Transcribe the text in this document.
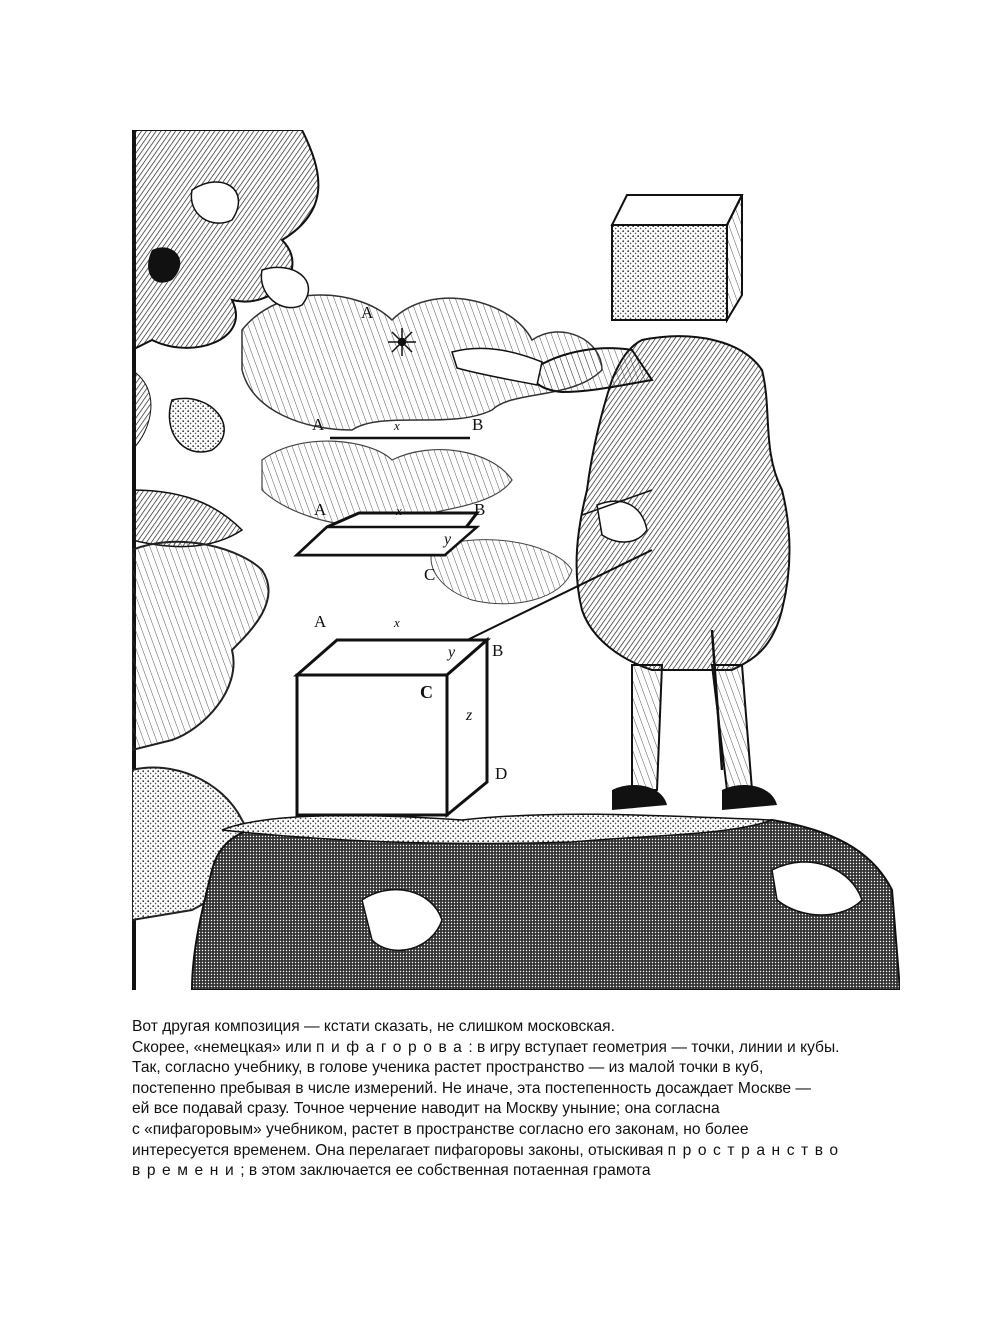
A
A	x	B
A	x	B
y
C
A	x
y B
C
z
D
Вот другая композиция — кстати сказать, не слишком московская.
Скорее, «немецкая» или пифагорова: в игру вступает геометрия — точки, линии и кубы.
Так, согласно учебнику, в голове ученика растет пространство — из малой точки в куб,
постепенно пребывая в числе измерений. Не иначе, эта постепенность досаждает Москве —
ей все подавай сразу. Точное черчение наводит на Москву уныние; она согласна
с «пифагоровым» учебником, растет в пространстве согласно его законам, но более
интересуется временем. Она перелагает пифагоровы законы, отыскивая пространство
времени; в этом заключается ее собственная потаенная грамота
